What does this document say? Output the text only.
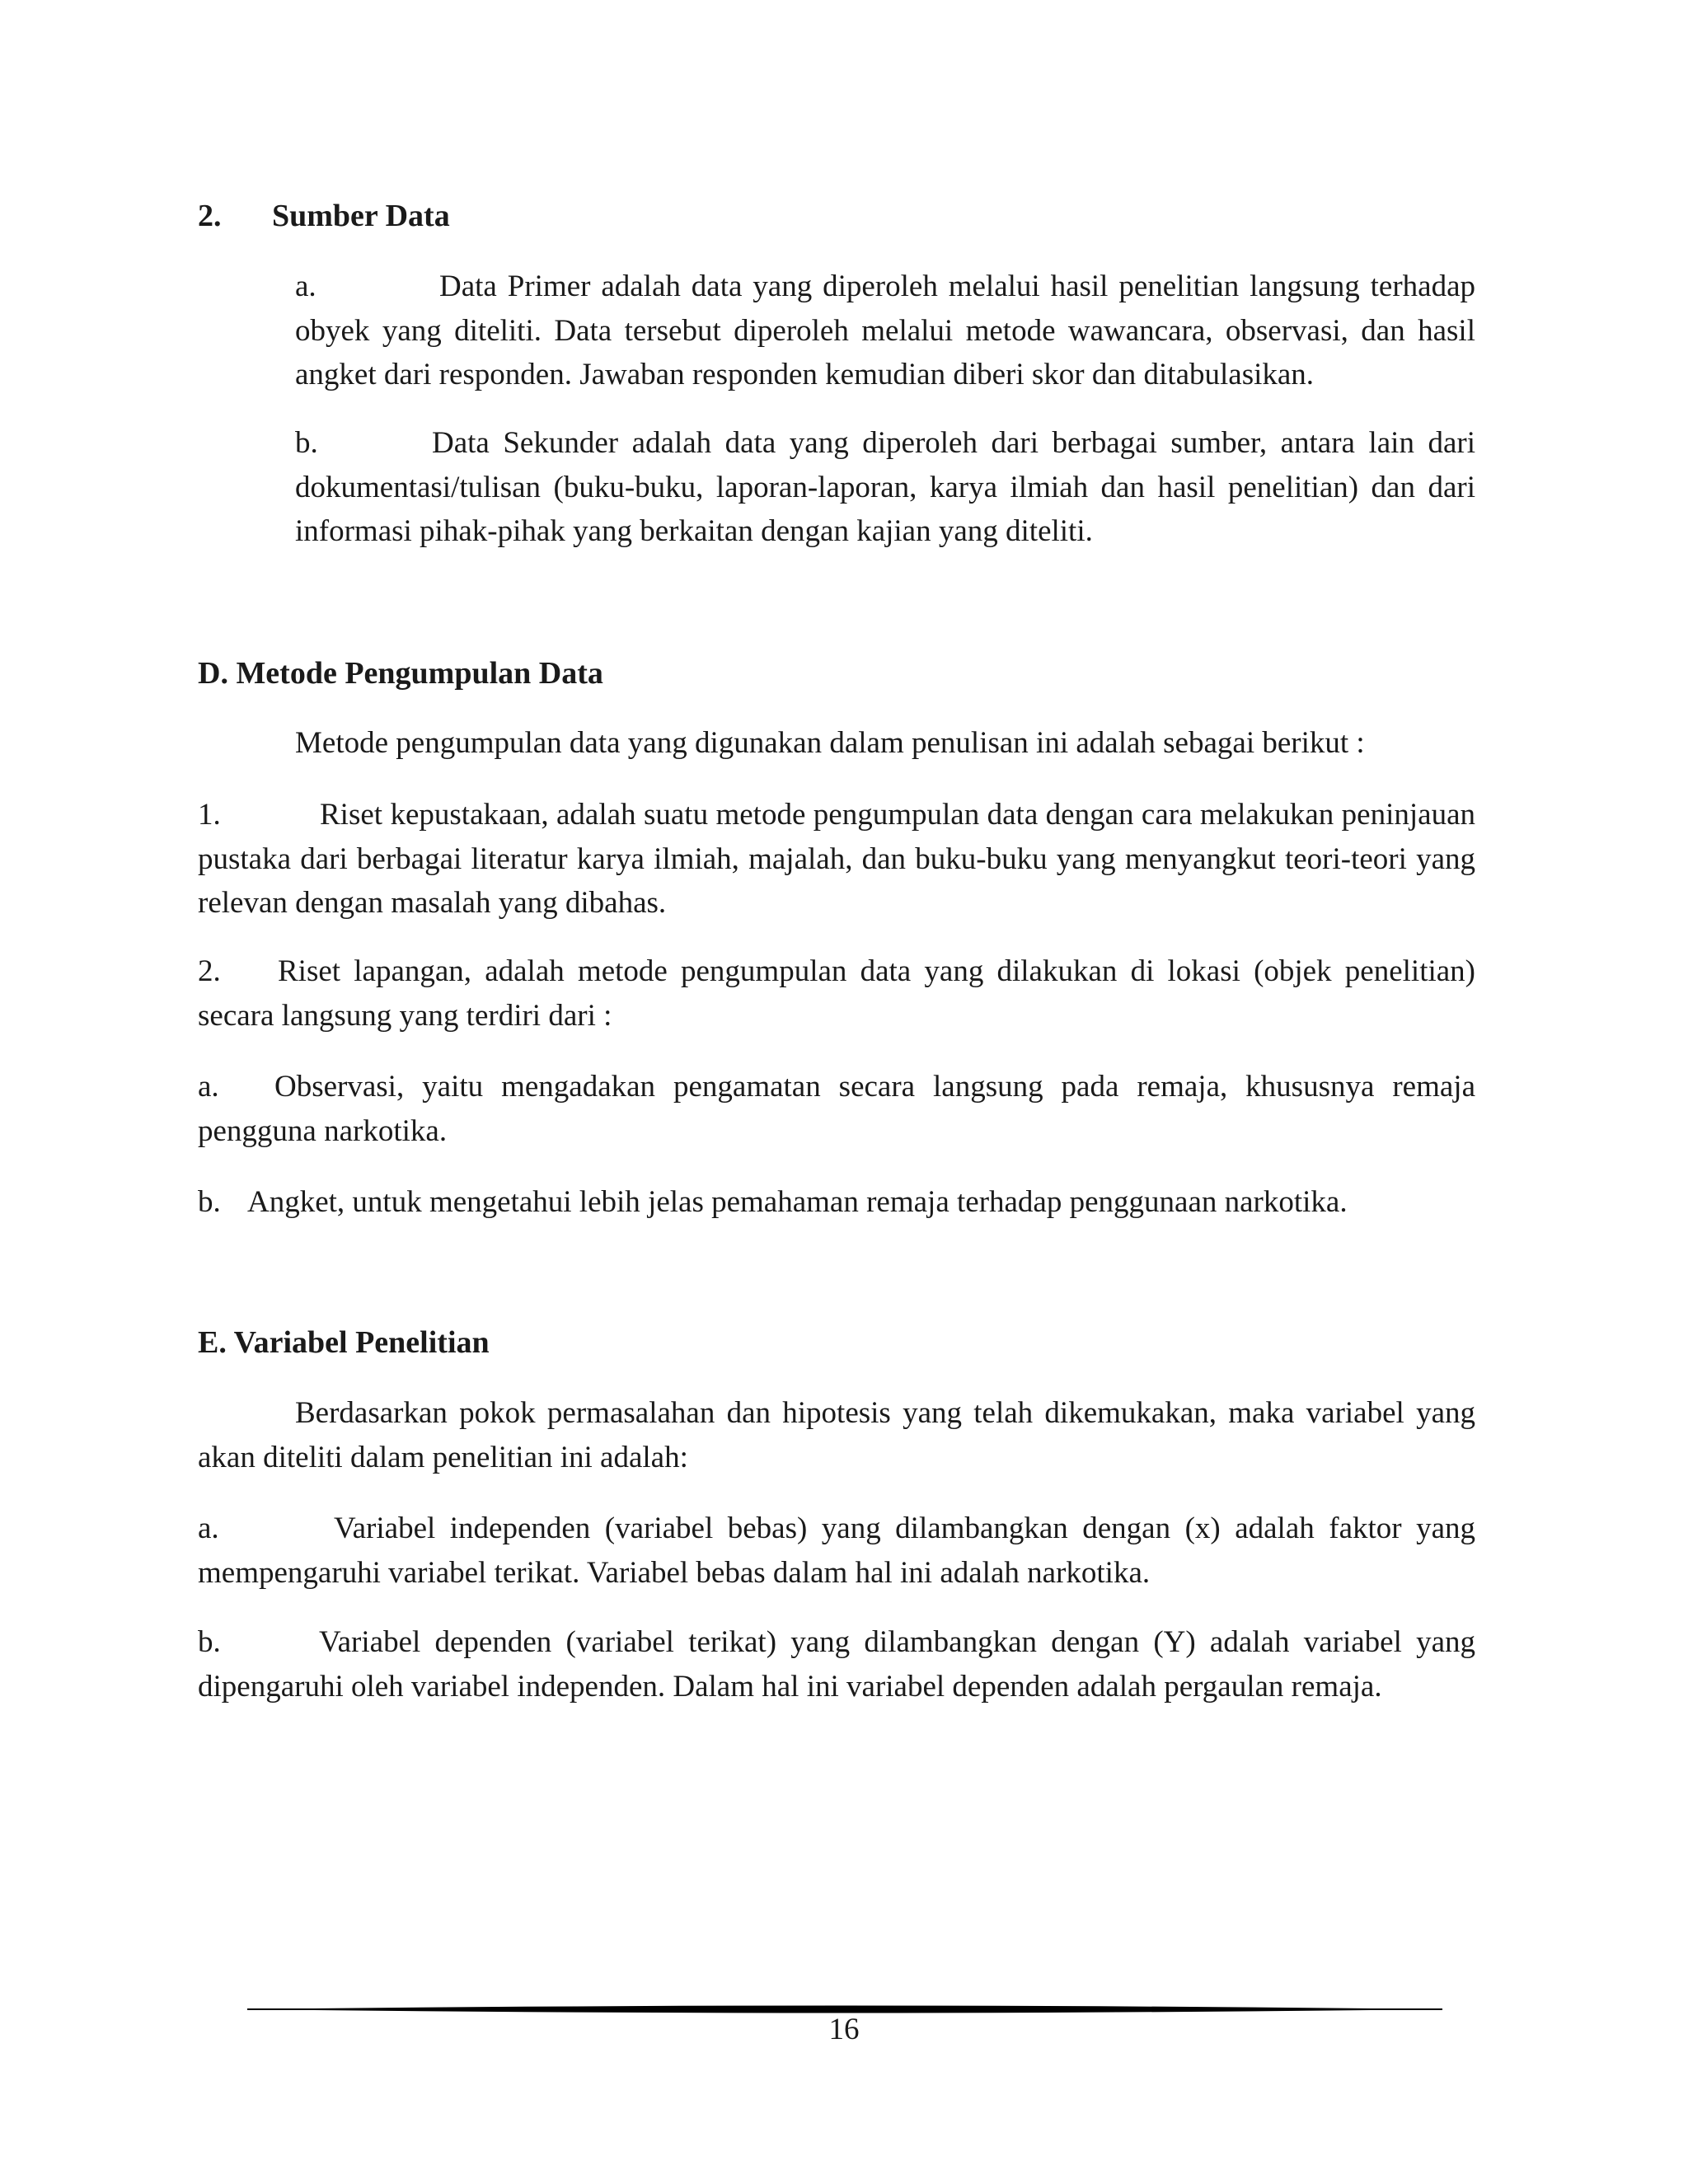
2. Sumber Data

a.	Data Primer adalah data yang diperoleh melalui hasil penelitian langsung terhadap obyek yang diteliti. Data tersebut diperoleh melalui metode wawancara, observasi, dan hasil angket dari responden. Jawaban responden kemudian diberi skor dan ditabulasikan.

b.	Data Sekunder adalah data yang diperoleh dari berbagai sumber, antara lain dari dokumentasi/tulisan (buku-buku, laporan-laporan, karya ilmiah dan hasil penelitian) dan dari informasi pihak-pihak yang berkaitan dengan kajian yang diteliti.

D. Metode Pengumpulan Data

Metode pengumpulan data yang digunakan dalam penulisan ini adalah sebagai berikut :

1.	Riset kepustakaan, adalah suatu metode pengumpulan data dengan cara melakukan peninjauan pustaka dari berbagai literatur karya ilmiah, majalah, dan buku-buku yang menyangkut teori-teori yang relevan dengan masalah yang dibahas.

2. Riset lapangan, adalah metode pengumpulan data yang dilakukan di lokasi (objek penelitian) secara langsung yang terdiri dari :

a. Observasi, yaitu mengadakan pengamatan secara langsung pada remaja, khususnya remaja pengguna narkotika.

b. Angket, untuk mengetahui lebih jelas pemahaman remaja terhadap penggunaan narkotika.

E. Variabel Penelitian

Berdasarkan pokok permasalahan dan hipotesis yang telah dikemukakan, maka variabel yang akan diteliti dalam penelitian ini adalah:

a.	Variabel independen (variabel bebas) yang dilambangkan dengan (x) adalah faktor yang mempengaruhi variabel terikat. Variabel bebas dalam hal ini adalah narkotika.

b.	Variabel dependen (variabel terikat) yang dilambangkan dengan (Y) adalah variabel yang dipengaruhi oleh variabel independen. Dalam hal ini variabel dependen adalah pergaulan remaja.

16
